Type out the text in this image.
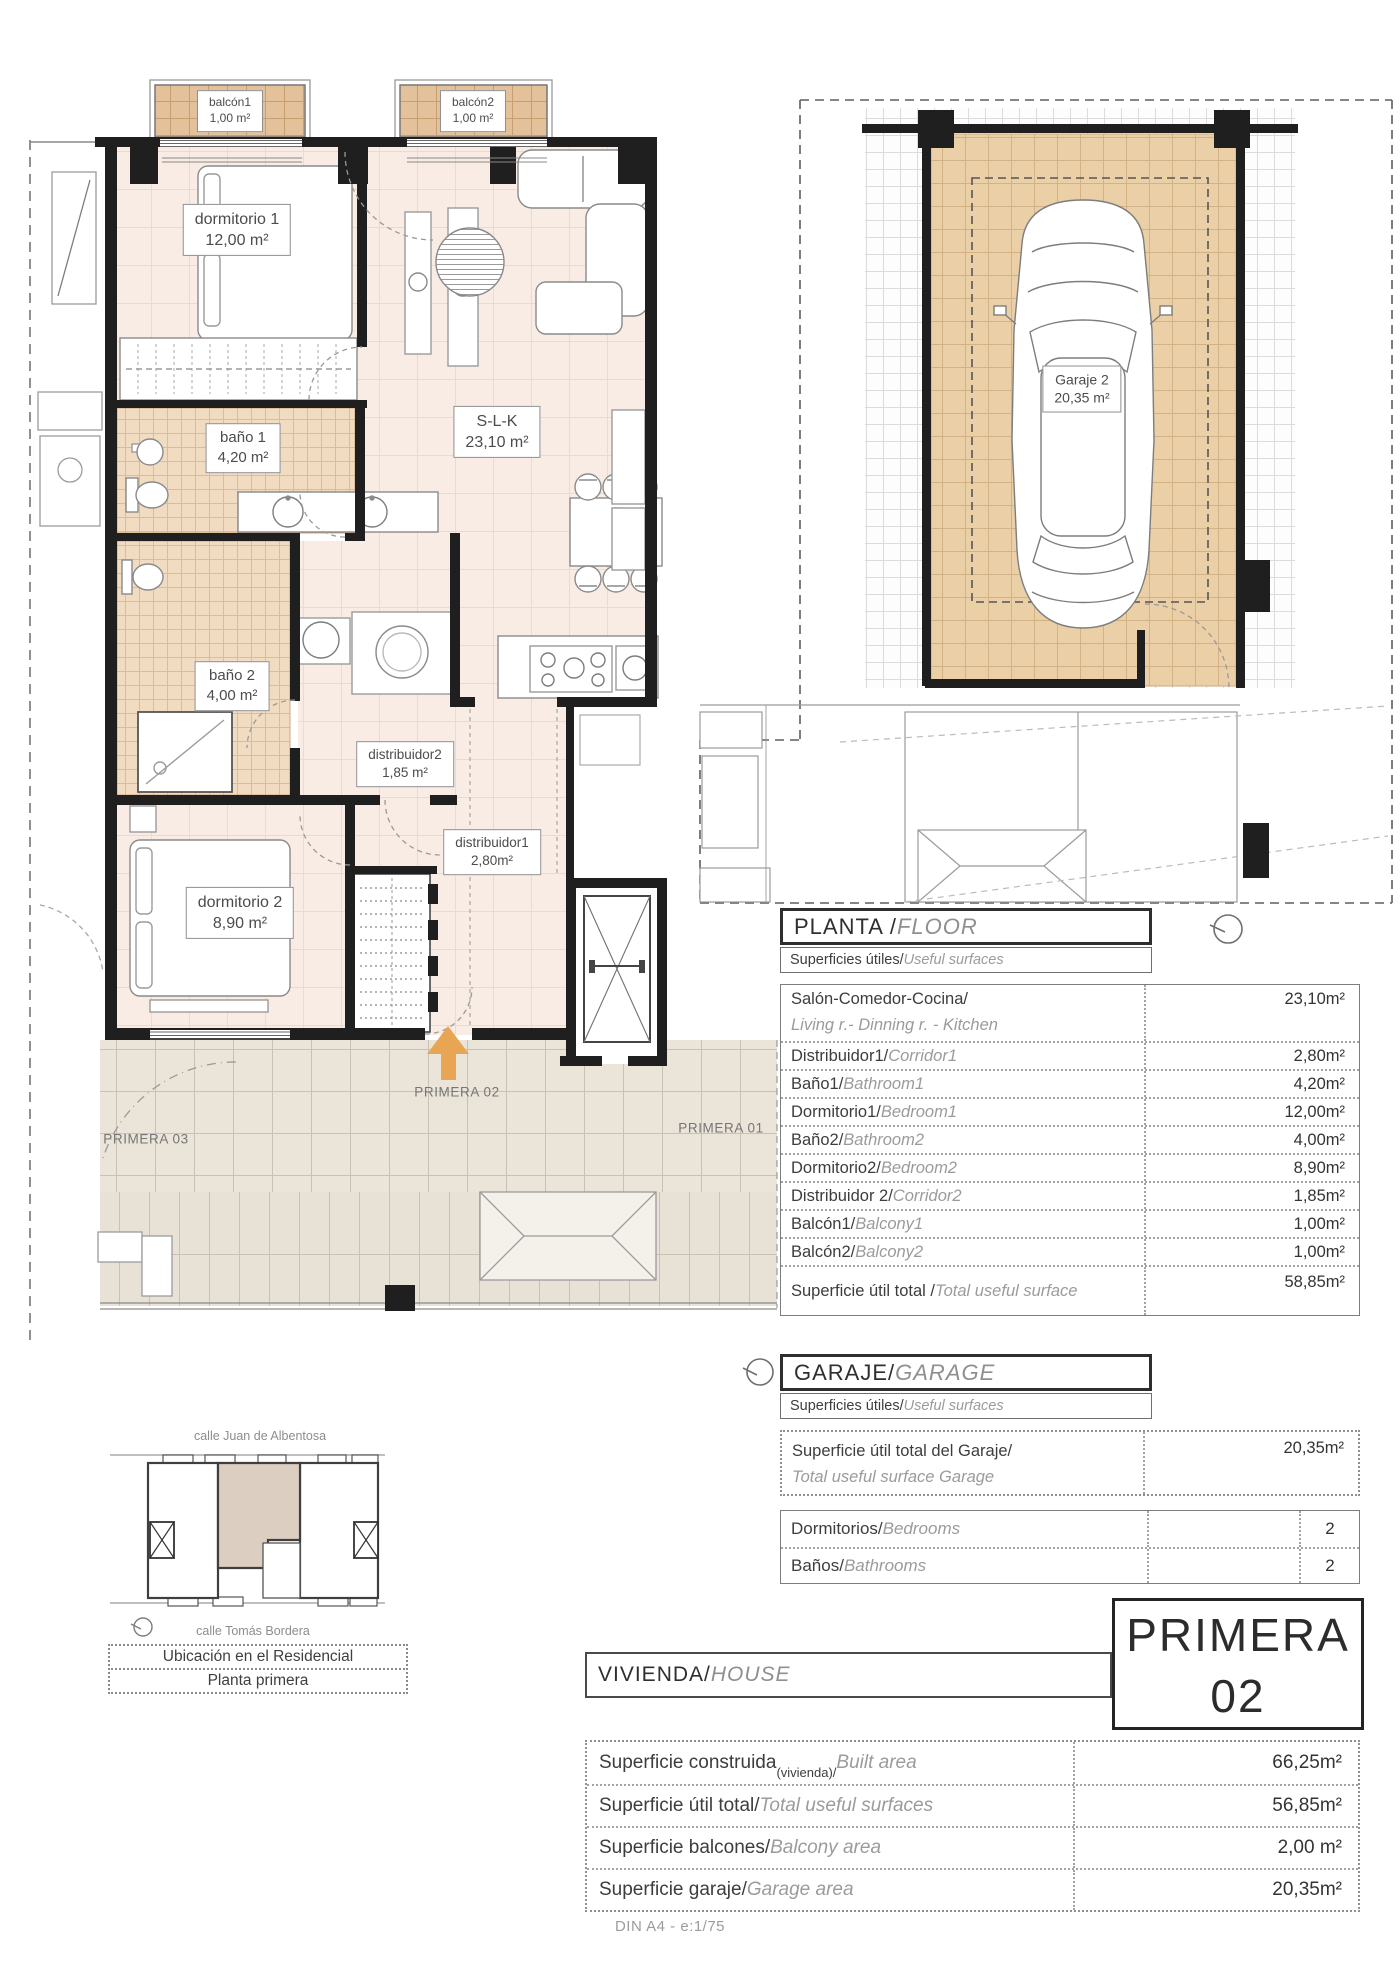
balcón1
1,00 m²
balcón2
1,00 m²
dormitorio 1
12,00 m²
baño 1
4,20 m²
S-L-K
23,10 m²
baño 2
4,00 m²
distribuidor2
1,85 m²
distribuidor1
2,80m²
dormitorio 2
8,90 m²
Garaje 2
20,35 m²
PRIMERA 03
PRIMERA 02
PRIMERA 01
PLANTA / FLOOR
Superficies útiles/ Useful surfaces
Salón-Comedor-Cocina/
Living r.- Dinning r. - Kitchen
23,10m²
Distribuidor1/ Corridor1	2,80m²
Baño1/ Bathroom1	4,20m²
Dormitorio1/ Bedroom1	12,00m²
Baño2/ Bathroom2	4,00m²
Dormitorio2/ Bedroom2	8,90m²
Distribuidor 2/ Corridor2	1,85m²
Balcón1/ Balcony1	1,00m²
Balcón2/ Balcony2	1,00m²
Superficie útil total / Total useful surface	58,85m²
GARAJE/ GARAGE
Superficies útiles/ Useful surfaces
Superficie útil total del Garaje/
Total useful surface Garage
20,35m²
Dormitorios/ Bedrooms	2
Baños/ Bathrooms	2
PRIMERA
02
VIVIENDA/ HOUSE
Superficie construida (vivienda)/ Built area	66,25m²
Superficie útil total/ Total useful surfaces	56,85m²
Superficie balcones/ Balcony area	2,00 m²
Superficie garaje/ Garage area	20,35m²
DIN A4 - e:1/75
calle Juan de Albentosa
calle Tomás Bordera
Ubicación en el Residencial
Planta primera
